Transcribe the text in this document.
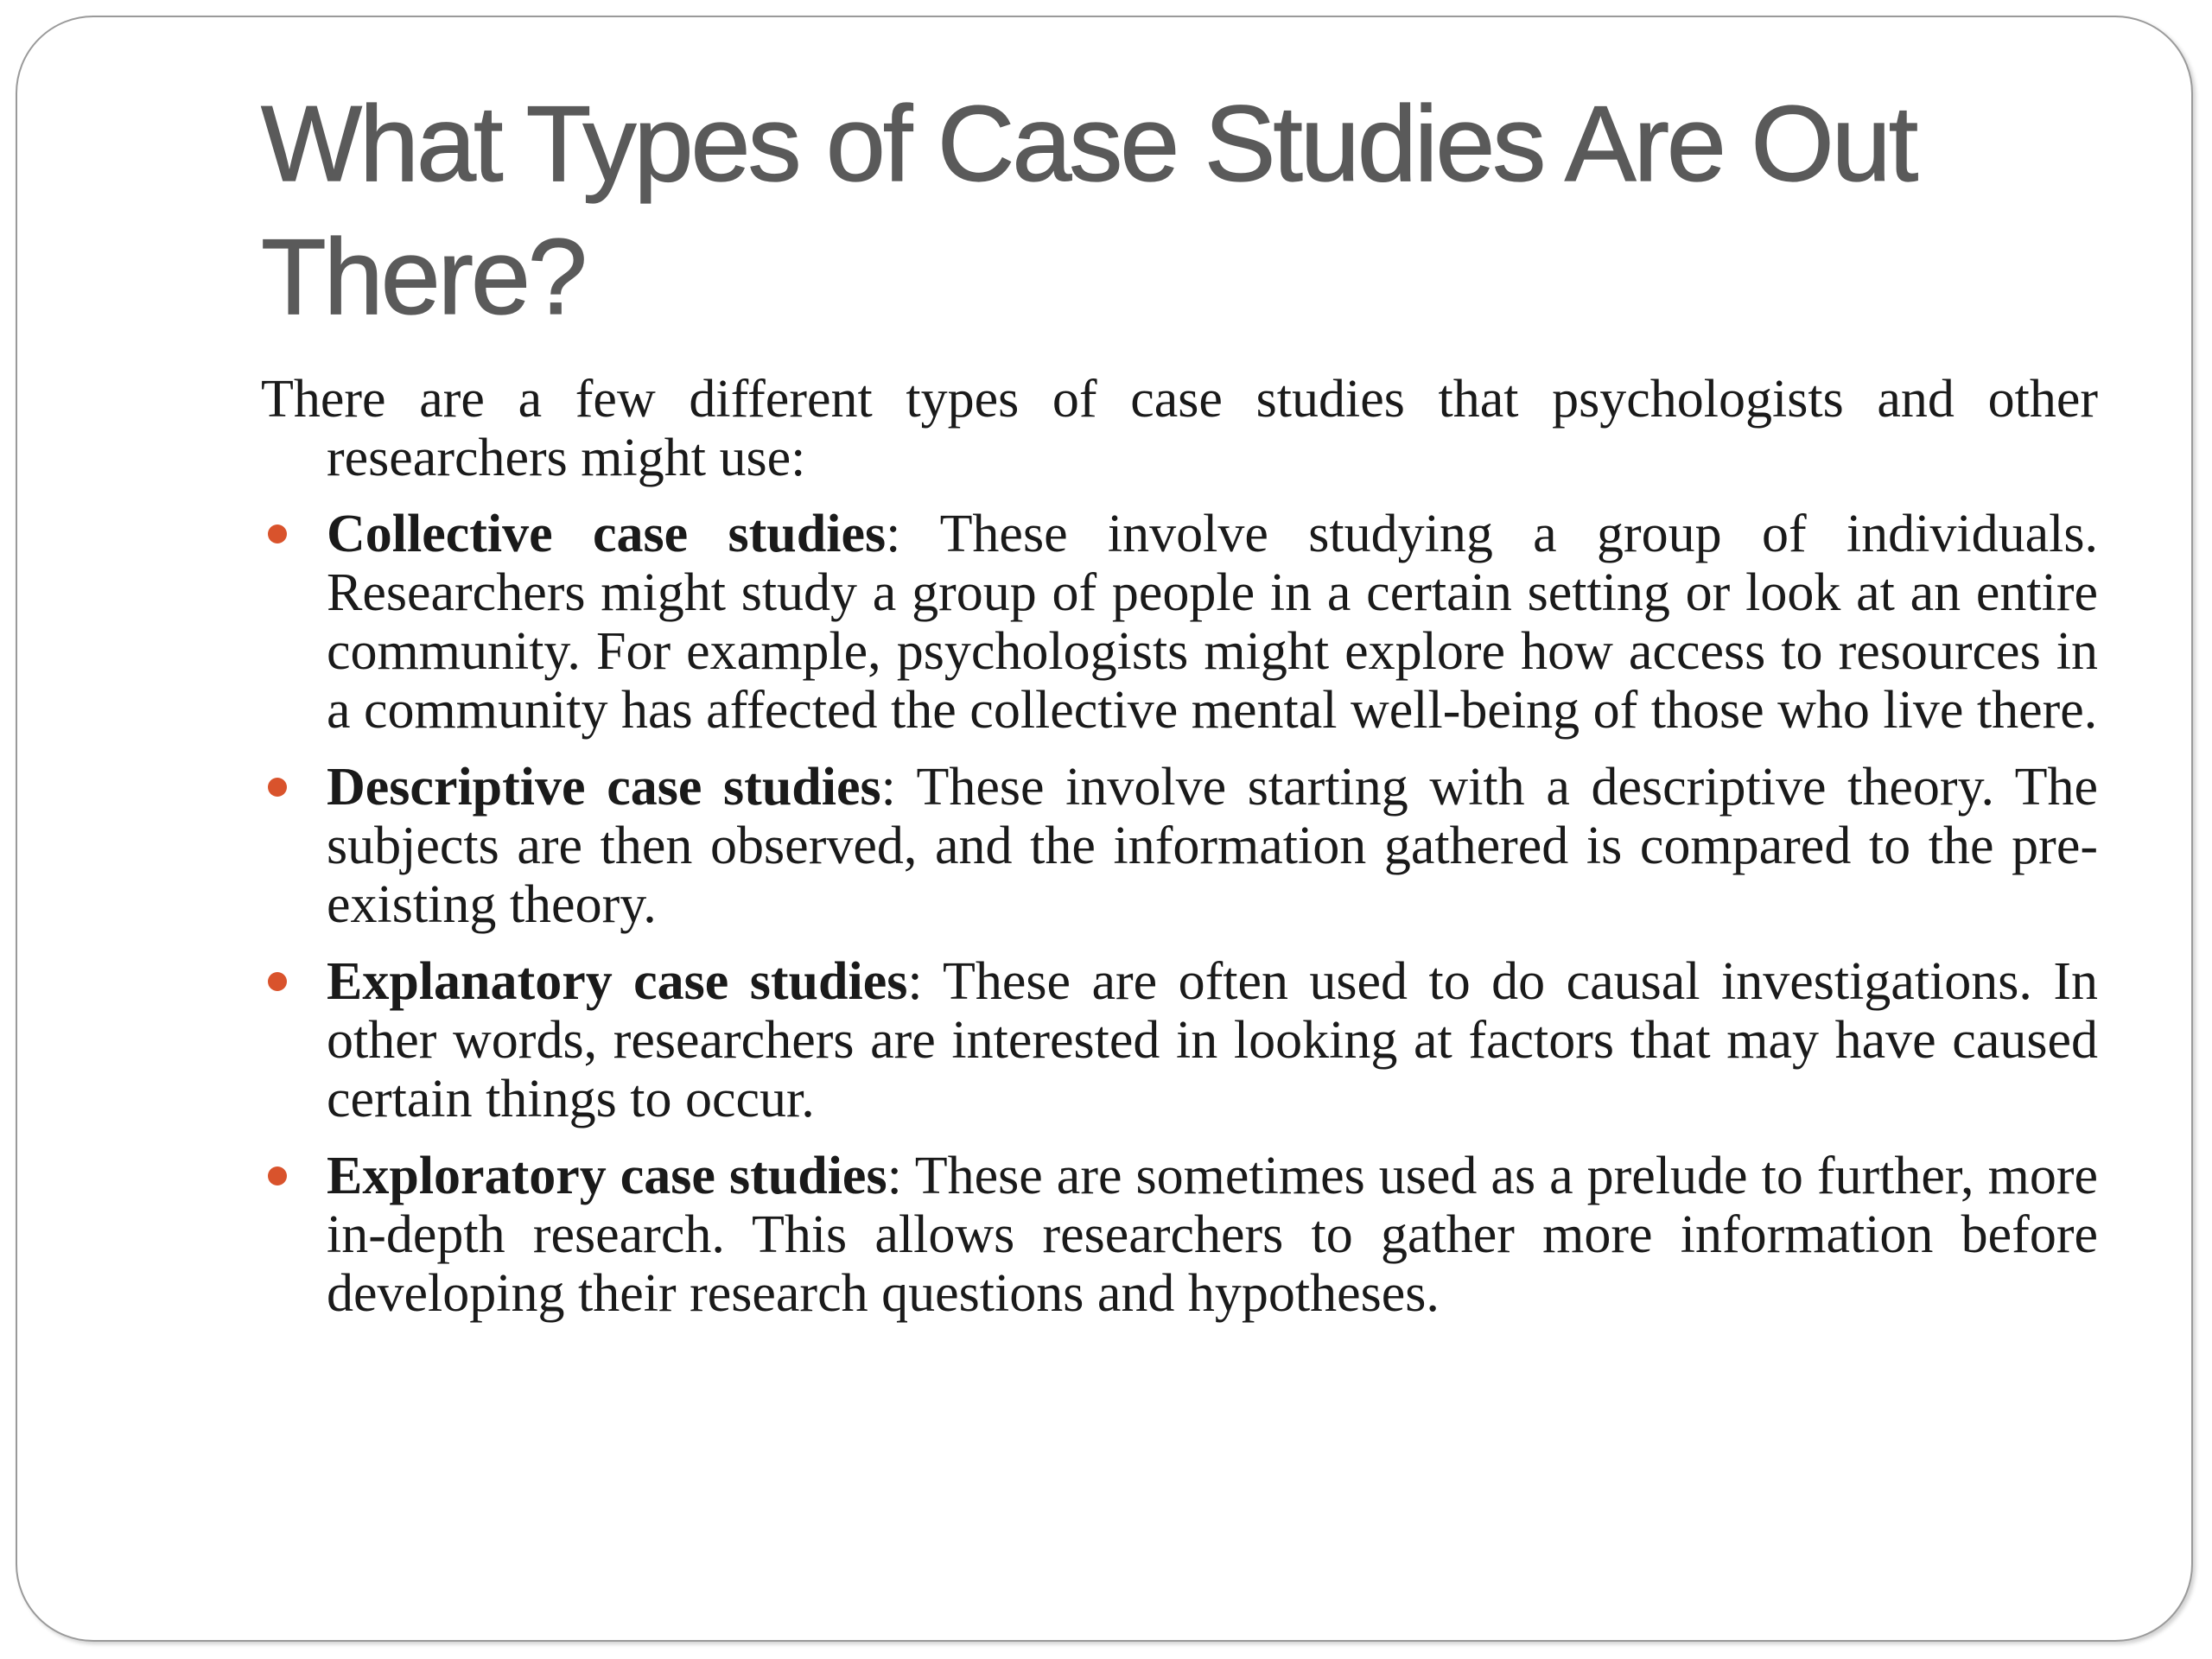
What Types of Case Studies Are Out There?

There are a few different types of case studies that psychologists and other researchers might use:

Collective case studies: These involve studying a group of individuals. Researchers might study a group of people in a certain setting or look at an entire community. For example, psychologists might explore how access to resources in a community has affected the collective mental well-being of those who live there.
Descriptive case studies: These involve starting with a descriptive theory. The subjects are then observed, and the information gathered is compared to the pre-existing theory.
Explanatory case studies: These are often used to do causal investigations. In other words, researchers are interested in looking at factors that may have caused certain things to occur.
Exploratory case studies: These are sometimes used as a prelude to further, more in-depth research. This allows researchers to gather more information before developing their research questions and hypotheses.
